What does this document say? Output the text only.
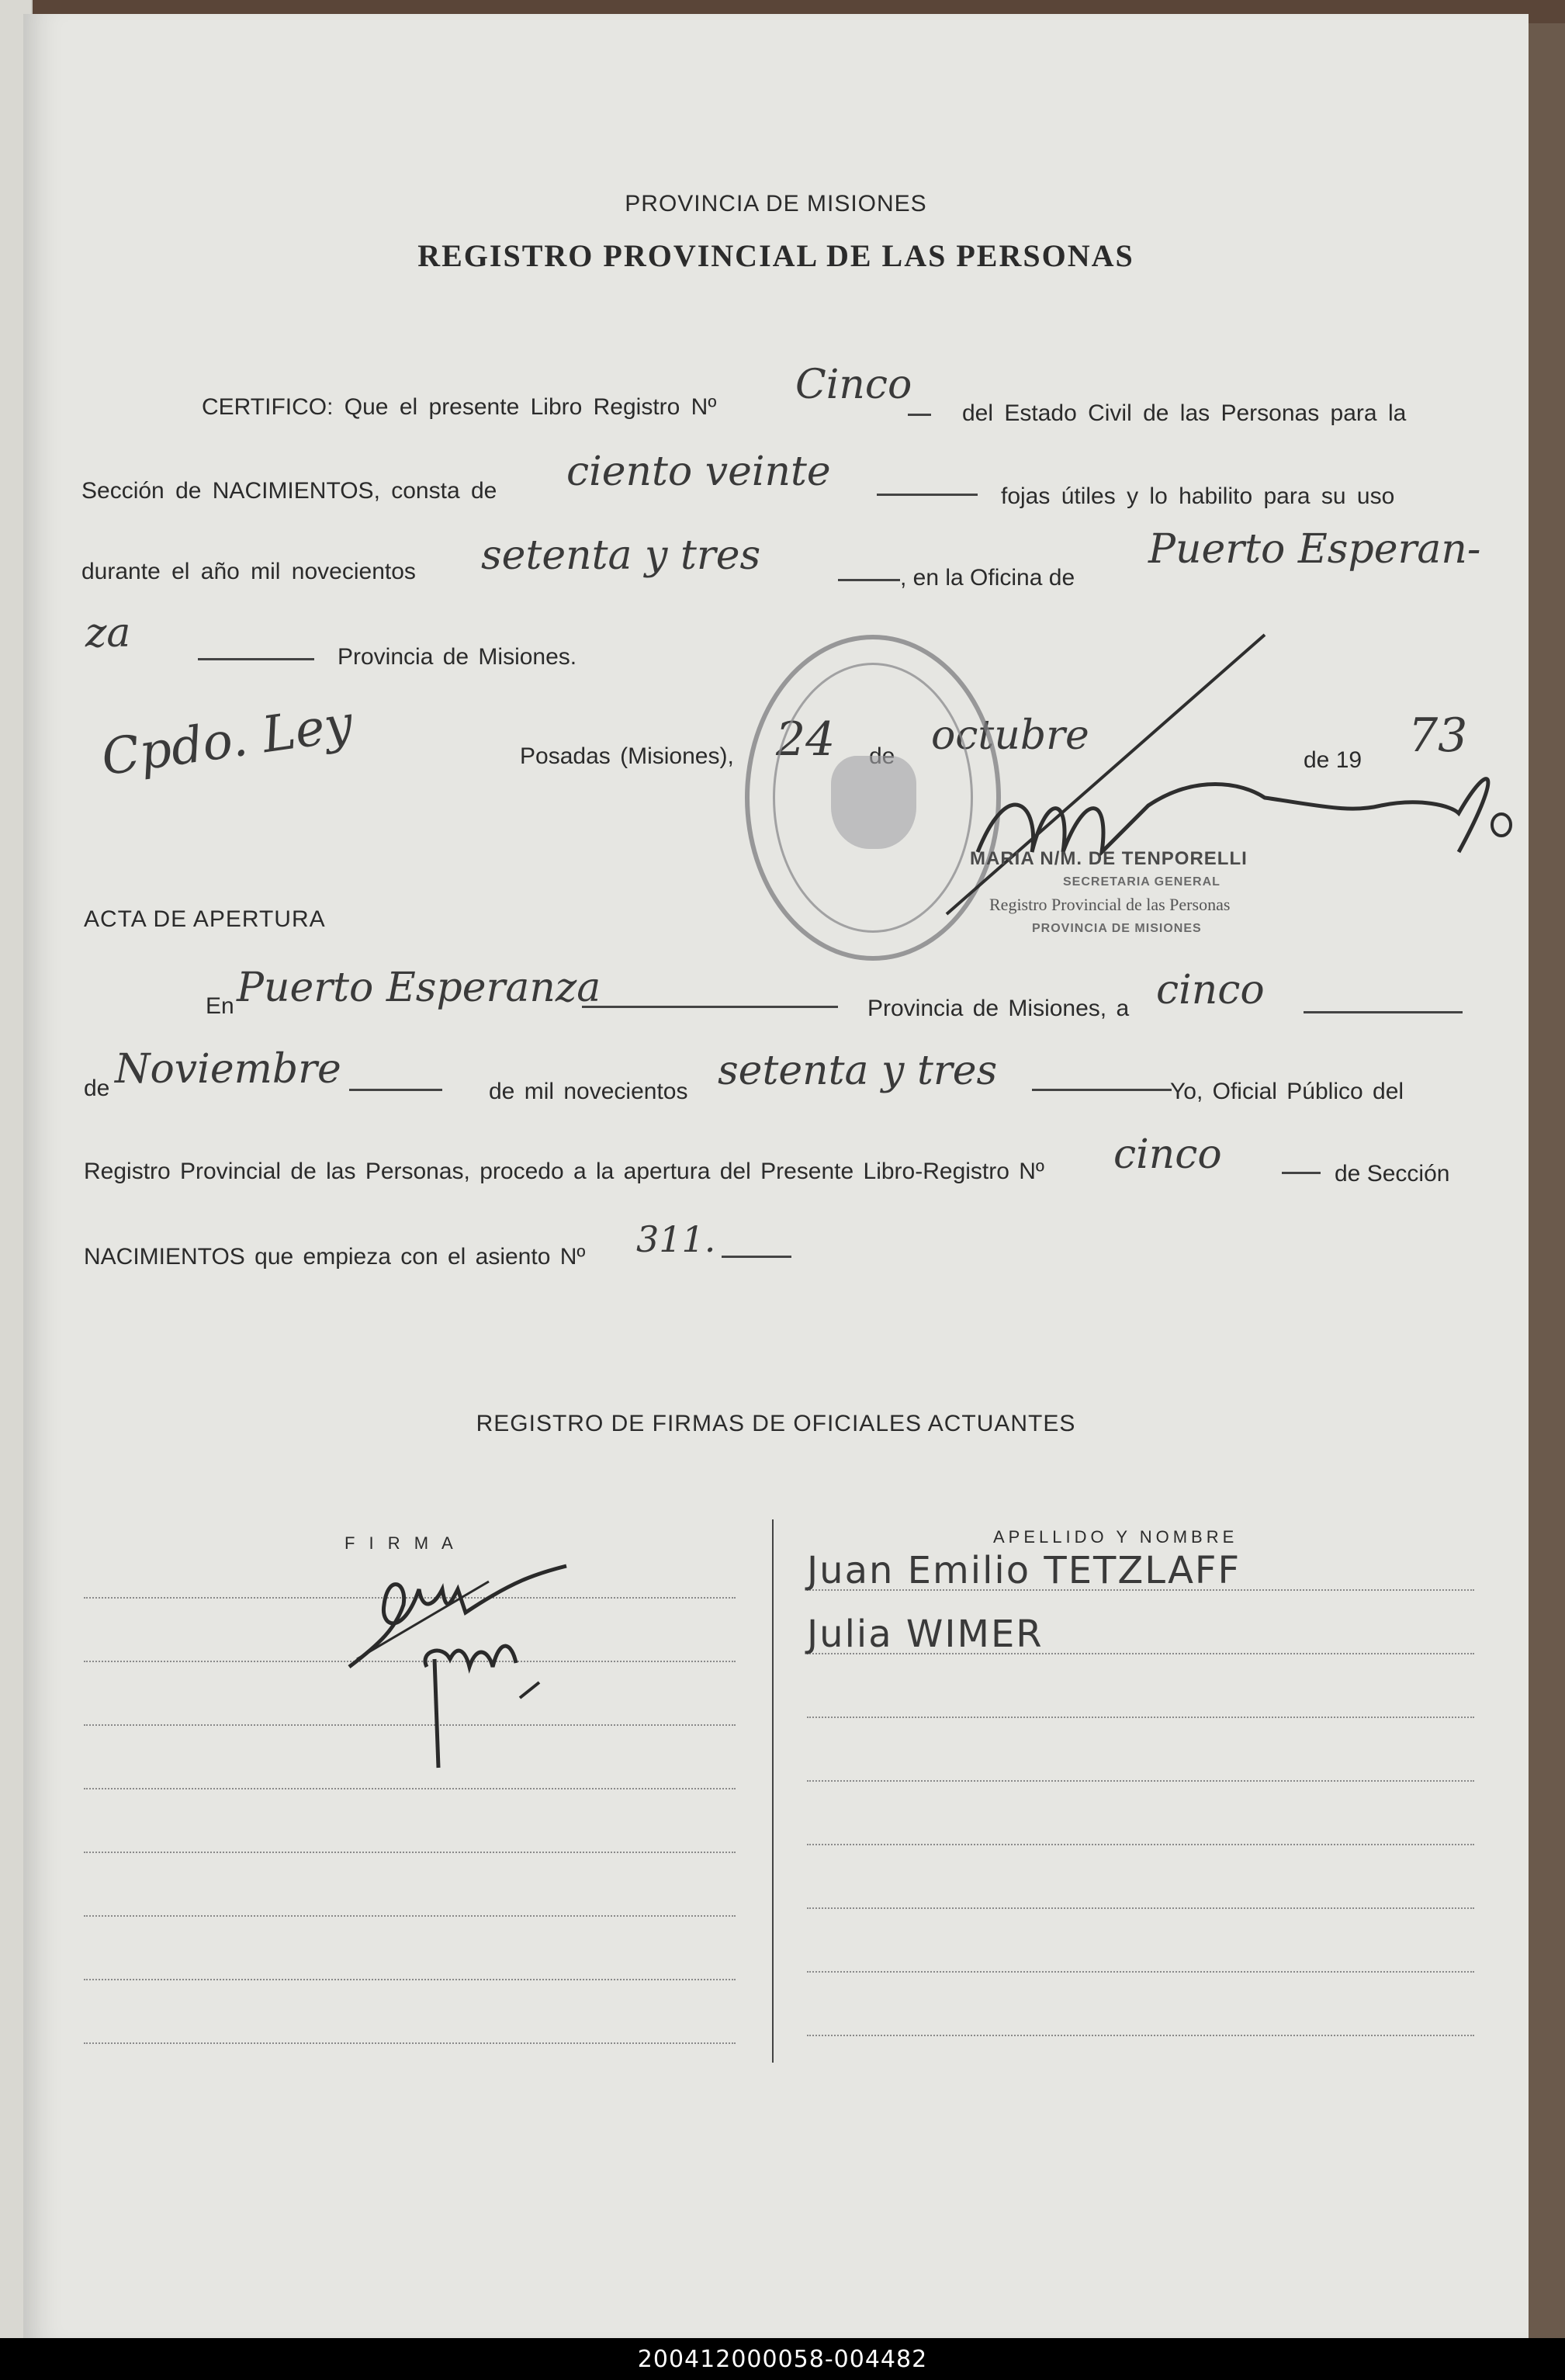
PROVINCIA DE MISIONES
REGISTRO PROVINCIAL DE LAS PERSONAS
CERTIFICO: Que el presente Libro Registro Nº Cinco
del Estado Civil de las Personas para la
Sección de NACIMIENTOS, consta de ciento veinte
fojas útiles y lo habilito para su uso
durante el año mil novecientos setenta y tres	, en la Oficina de
Puerto Esperan-
za
Provincia de Misiones.
Cpdo. Ley	Posadas (Misiones), 24 octubre
de 19 73
MARIA N/M. DE TENPORELLI
SECRETARIA GENERAL
Registro Provincial de las Personas
PROVINCIA DE MISIONES
ACTA DE APERTURA
En Puerto Esperanza	Provincia de Misiones, a cinco
de Noviembre	de mil novecientos setenta y tres	Yo, Oficial Público del
Registro Provincial de las Personas, procedo a la apertura del Presente Libro-Registro Nº cinco	de Sección
NACIMIENTOS que empieza con el asiento Nº 311.
REGISTRO DE FIRMAS DE OFICIALES ACTUANTES
F I R M A	APELLIDO Y NOMBRE
Juan Emilio TETZLAFF
Julia WIMER
200412000058-004482
